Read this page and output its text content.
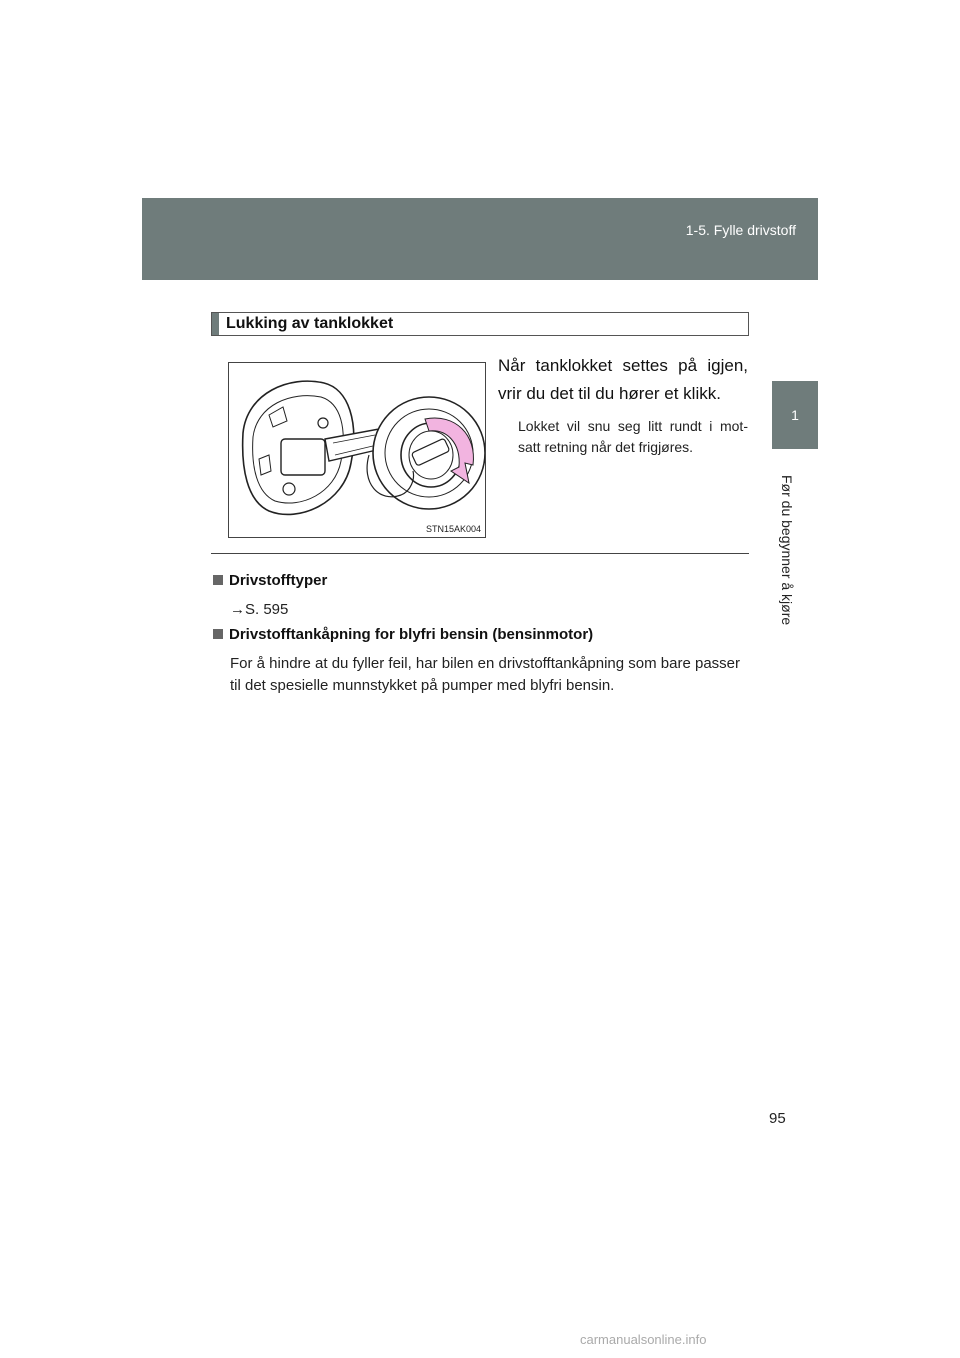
1-5. Fylle drivstoff
1
Før du begynner å kjøre
Lukking av tanklokket
STN15AK004
Når tanklokket settes på igjen, vrir du det til du hører et klikk.
Lokket vil snu seg litt rundt i mot- satt retning når det frigjøres.
Drivstofftyper
→S. 595
Drivstofftankåpning for blyfri bensin (bensinmotor)
For å hindre at du fyller feil, har bilen en drivstofftankåpning som bare passer til det spesielle munnstykket på pumper med blyfri bensin.
95
carmanualsonline.info
